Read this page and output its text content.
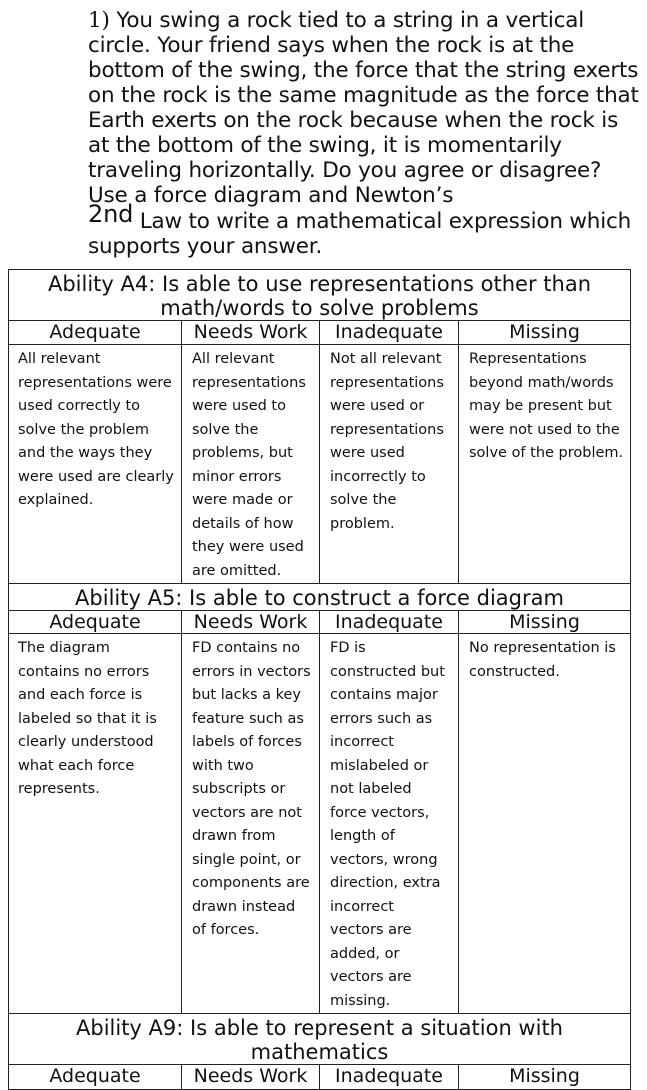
1) You swing a rock tied to a string in a vertical circle. Your friend says when the rock is at the bottom of the swing, the force that the string exerts on the rock is the same magnitude as the force that Earth exerts on the rock because when the rock is at the bottom of the swing, it is momentarily traveling horizontally. Do you agree or disagree? Use a force diagram and Newton’s
2nd Law to write a mathematical expression which supports your answer.
Ability A4: Is able to use representations other than math/words to solve problems			
Adequate	Needs Work	Inadequate	Missing
All relevant representations were used correctly to solve the problem and the ways they were used are clearly explained.	All relevant representations were used to solve the problems, but minor errors were made or details of how they were used are omitted.	Not all relevant representations were used or representations were used incorrectly to solve the problem.	Representations beyond math/words may be present but were not used to the solve of the problem.
Ability A5: Is able to construct a force diagram			
Adequate	Needs Work	Inadequate	Missing
The diagram contains no errors and each force is labeled so that it is clearly understood what each force represents.	FD contains no errors in vectors but lacks a key feature such as labels of forces with two subscripts or vectors are not drawn from single point, or components are drawn instead of forces.	FD is constructed but contains major errors such as incorrect mislabeled or not labeled force vectors, length of vectors, wrong direction, extra incorrect vectors are added, or vectors are missing.	No representation is constructed.
Ability A9: Is able to represent a situation with mathematics			
Adequate	Needs Work	Inadequate	Missing
